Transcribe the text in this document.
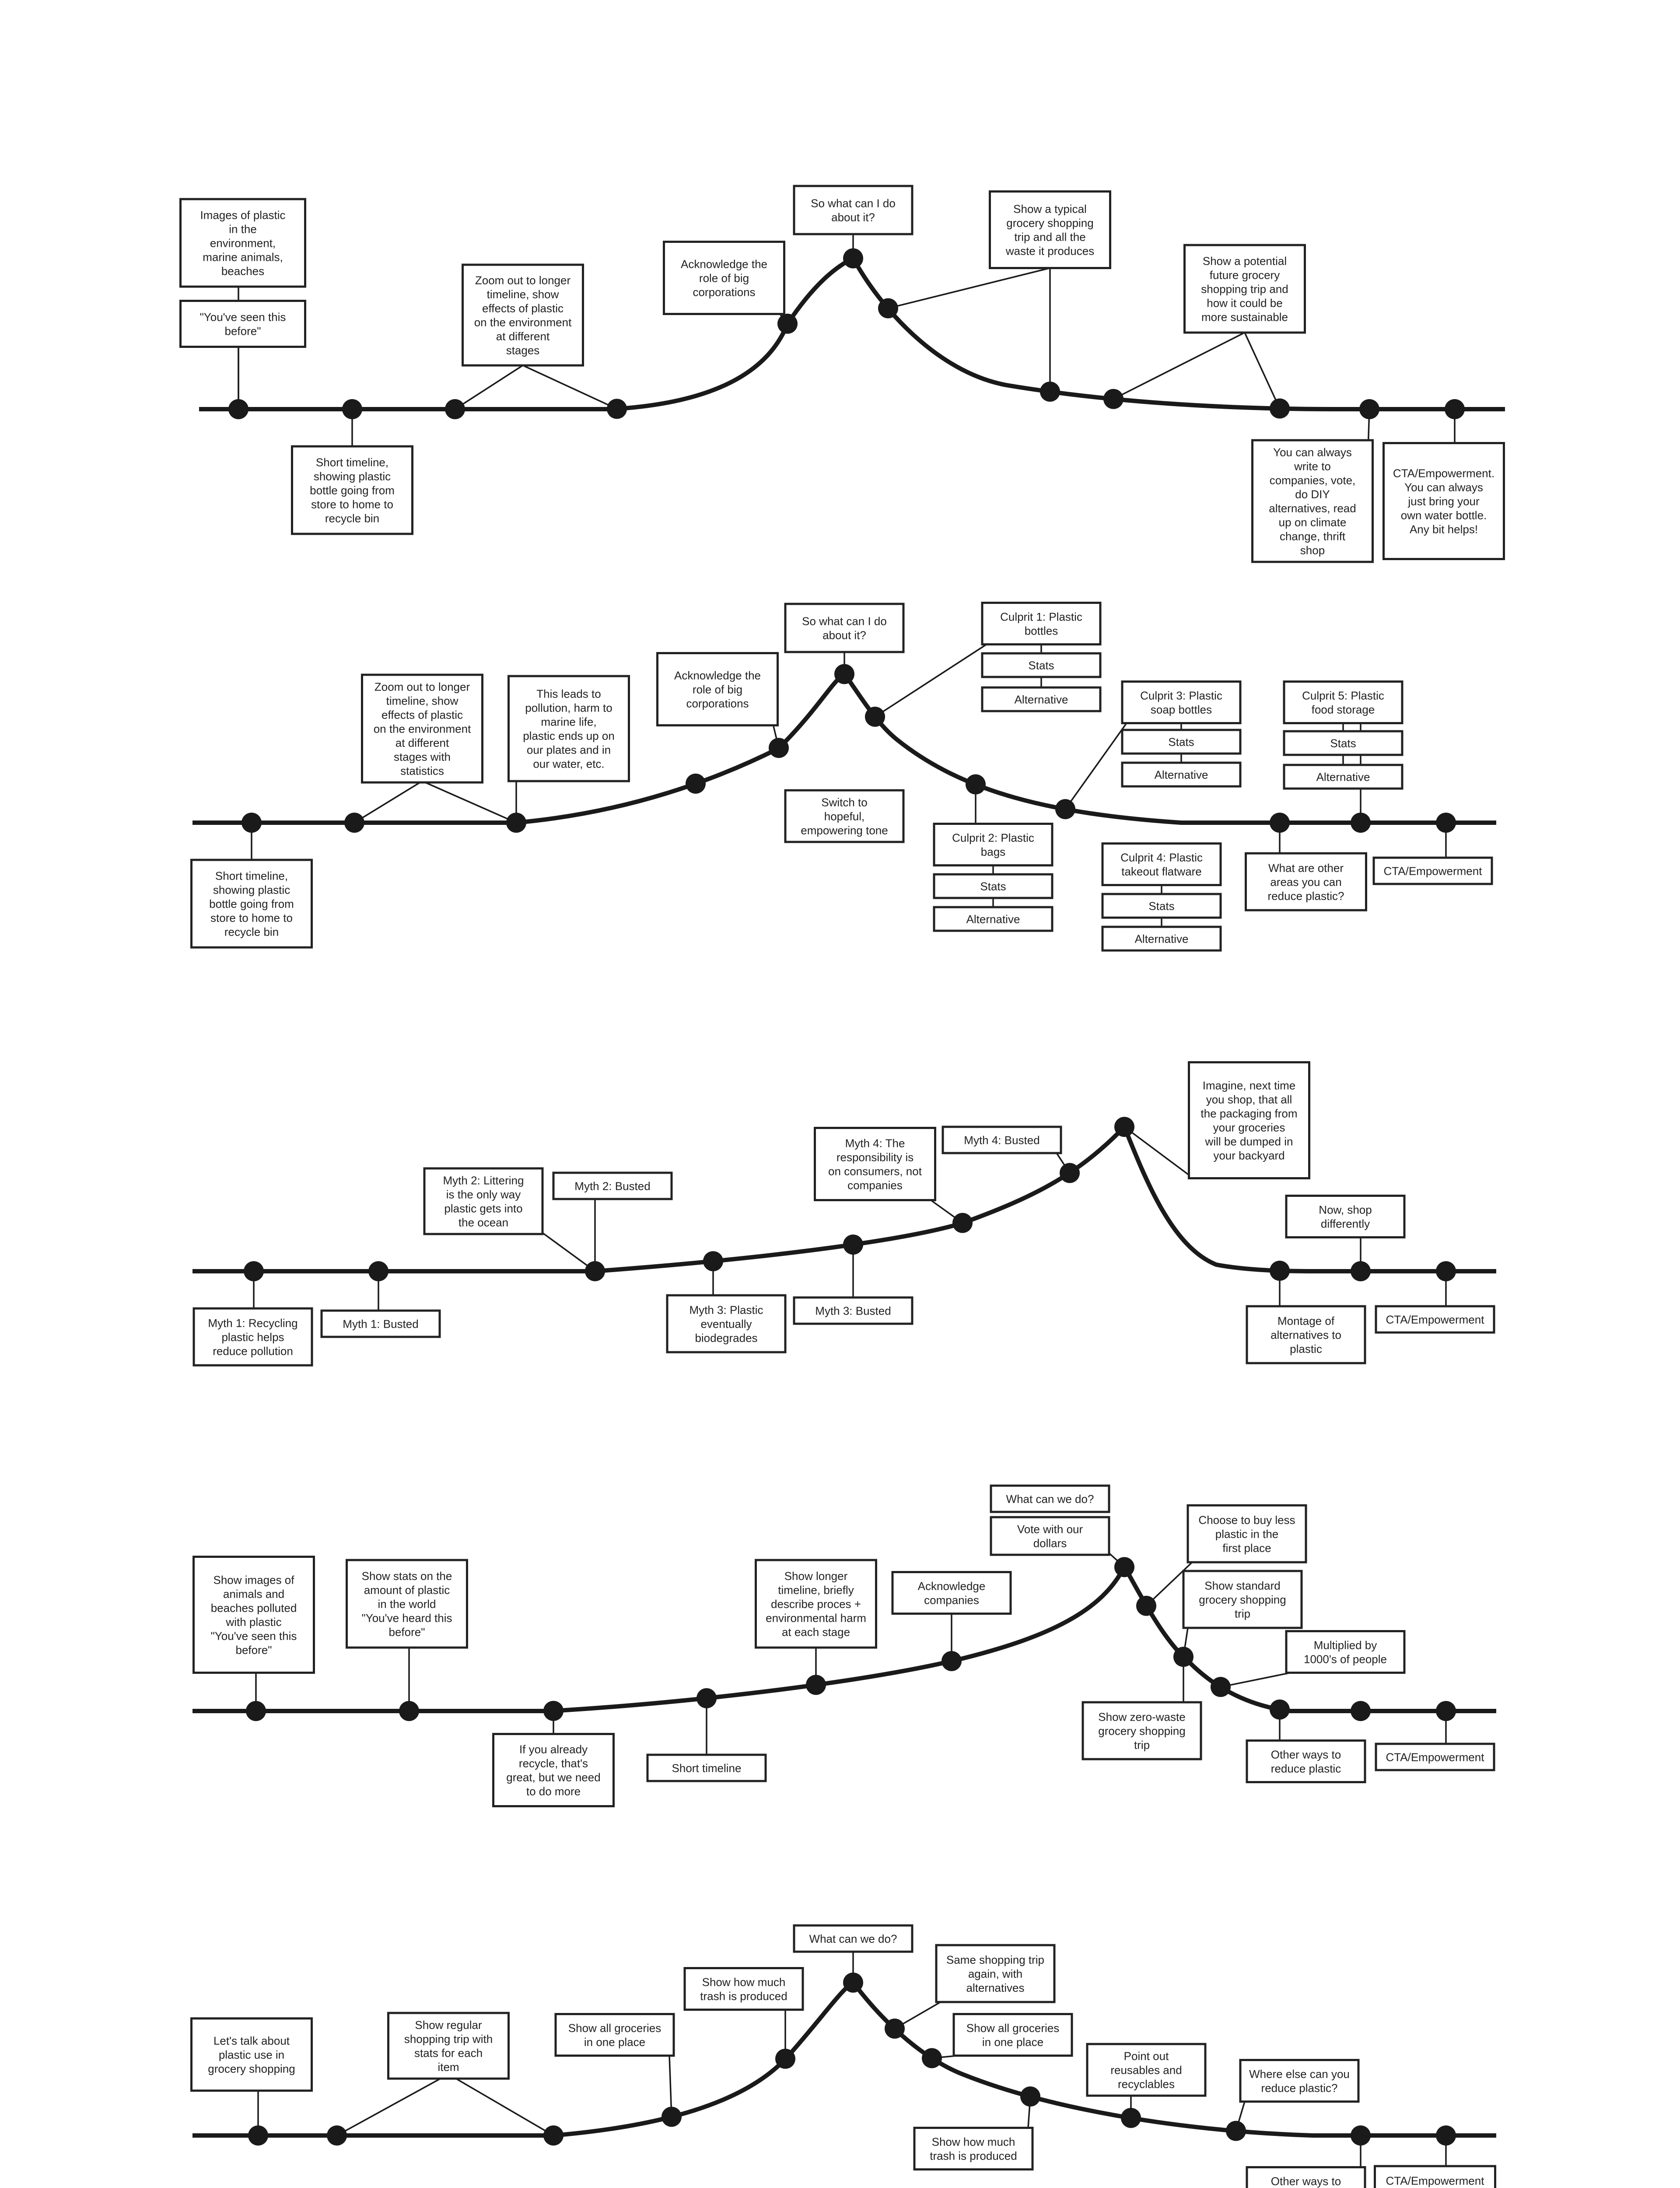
Images of plastic in the environment, marine animals, beaches
"You've seen this before"
Short timeline, showing plastic bottle going from store to home to recycle bin
Zoom out to longer timeline, show effects of plastic on the environment at different stages
Acknowledge the role of big corporations
So what can I do about it?
Show a typical grocery shopping trip and all the waste it produces
Show a potential future grocery shopping trip and how it could be more sustainable
You can always write to companies, vote, do DIY alternatives, read up on climate change, thrift shop
CTA/Empowerment. You can always just bring your own water bottle. Any bit helps!
Short timeline, showing plastic bottle going from store to home to recycle bin
Zoom out to longer timeline, show effects of plastic on the environment at different stages with statistics
This leads to pollution, harm to marine life, plastic ends up on our plates and in our water, etc.
Acknowledge the role of big corporations
So what can I do about it?
Switch to hopeful, empowering tone
Culprit 1: Plastic bottles
Stats
Alternative
Culprit 2: Plastic bags
Stats
Alternative
Culprit 3: Plastic soap bottles
Stats
Alternative
Culprit 4: Plastic takeout flatware
Stats
Alternative
Culprit 5: Plastic food storage
Stats
Alternative
What are other areas you can reduce plastic?
CTA/Empowerment
Myth 1: Recycling plastic helps reduce pollution
Myth 1: Busted
Myth 2: Littering is the only way plastic gets into the ocean
Myth 2: Busted
Myth 3: Plastic eventually biodegrades
Myth 3: Busted
Myth 4: The responsibility is on consumers, not companies
Myth 4: Busted
Imagine, next time you shop, that all the packaging from your groceries will be dumped in your backyard
Now, shop differently
Montage of alternatives to plastic
CTA/Empowerment
Show images of animals and beaches polluted with plastic "You've seen this before"
Show stats on the amount of plastic in the world "You've heard this before"
If you already recycle, that's great, but we need to do more
Short timeline
Show longer timeline, briefly describe proces + environmental harm at each stage
Acknowledge companies
What can we do?
Vote with our dollars
Choose to buy less plastic in the first place
Show standard grocery shopping trip
Show zero-waste grocery shopping trip
Multiplied by 1000's of people
Other ways to reduce plastic
CTA/Empowerment
Let's talk about plastic use in grocery shopping
Show regular shopping trip with stats for each item
Show all groceries in one place
Show how much trash is produced
What can we do?
Same shopping trip again, with alternatives
Show all groceries in one place
Show how much trash is produced
Point out reusables and recyclables
Where else can you reduce plastic?
Other ways to	CTA/Empowerment
